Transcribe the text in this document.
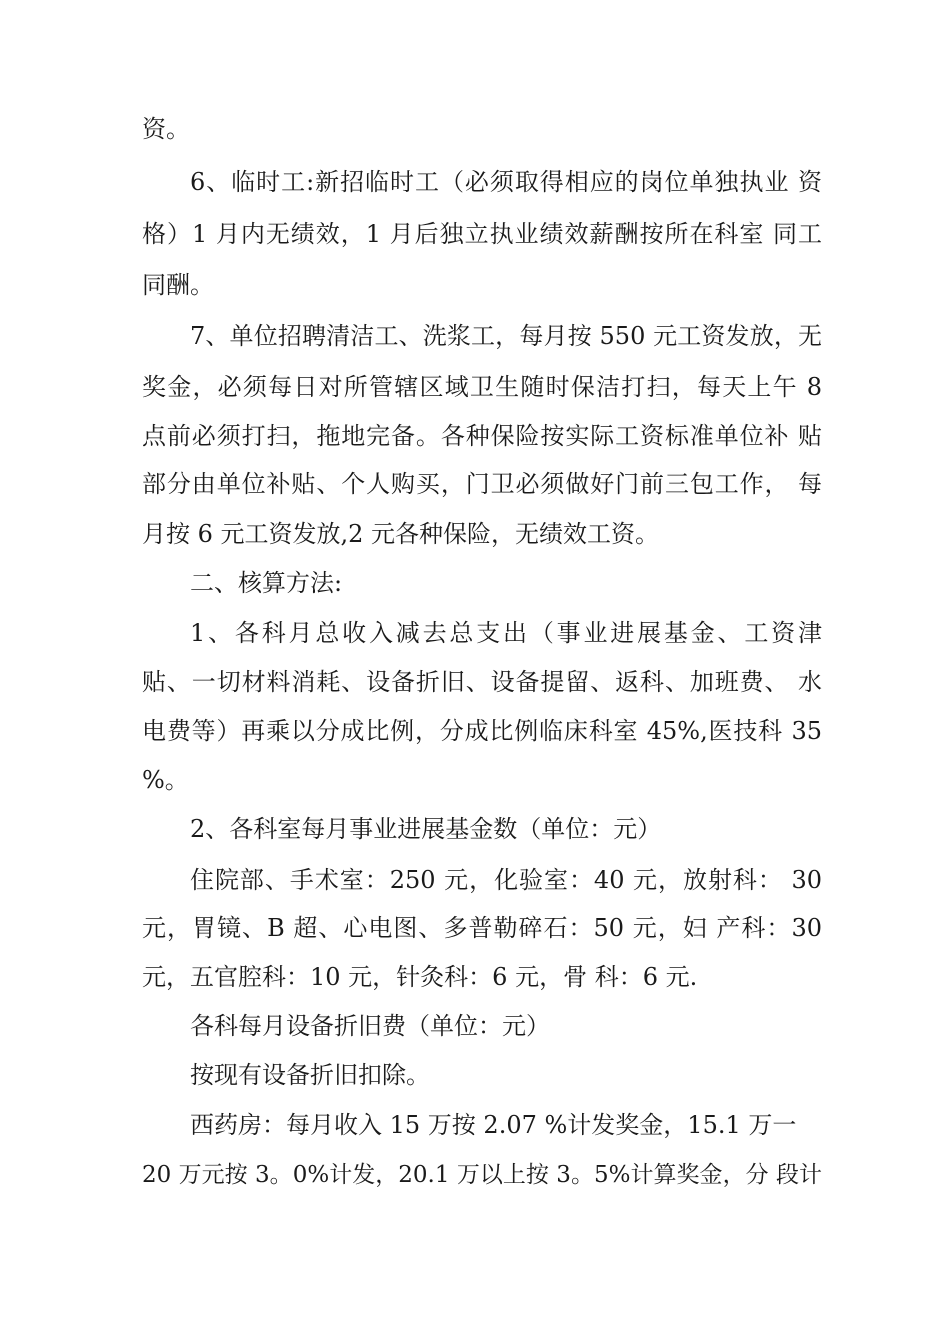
资。
6、临时工:新招临时工（必须取得相应的岗位单独执业 资
格）1 月内无绩效，1 月后独立执业绩效薪酬按所在科室 同工
同酬。
7、单位招聘清洁工、洗浆工，每月按 550 元工资发放，无
奖金，必须每日对所管辖区域卫生随时保洁打扫，每天上午 8
点前必须打扫，拖地完备。各种保险按实际工资标准单位补 贴
部分由单位补贴、个人购买，门卫必须做好门前三包工作， 每
月按 6 元工资发放,2 元各种保险，无绩效工资。
二、核算方法:
1、各科月总收入减去总支出（事业进展基金、工资津
贴、一切材料消耗、设备折旧、设备提留、返科、加班费、 水
电费等）再乘以分成比例，分成比例临床科室 45%,医技科 35
%。
2、各科室每月事业进展基金数（单位：元）
住院部、手术室：250 元，化验室：40 元，放射科： 30
元，胃镜、B 超、心电图、多普勒碎石：50 元，妇 产科：30
元，五官腔科：10 元，针灸科：6 元，骨 科：6 元.
各科每月设备折旧费（单位：元）
按现有设备折旧扣除。
西药房：每月收入 15 万按 2.07 %计发奖金，15.1 万一
20 万元按 3。0%计发，20.1 万以上按 3。5%计算奖金，分 段计
